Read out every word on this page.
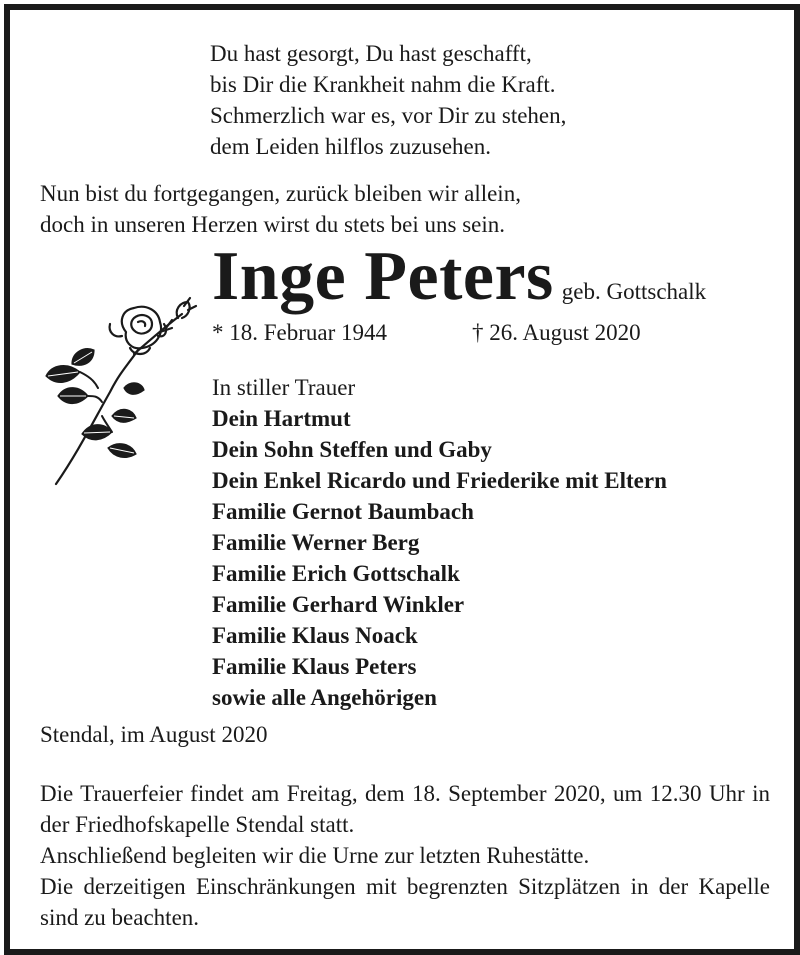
Du hast gesorgt, Du hast geschafft,
bis Dir die Krankheit nahm die Kraft.
Schmerzlich war es, vor Dir zu stehen,
dem Leiden hilflos zuzusehen.
Nun bist du fortgegangen, zurück bleiben wir allein,
doch in unseren Herzen wirst du stets bei uns sein.
Inge Peters geb. Gottschalk
* 18. Februar 1944	† 26. August 2020
In stiller Trauer
Dein Hartmut
Dein Sohn Steffen und Gaby
Dein Enkel Ricardo und Friederike mit Eltern
Familie Gernot Baumbach
Familie Werner Berg
Familie Erich Gottschalk
Familie Gerhard Winkler
Familie Klaus Noack
Familie Klaus Peters
sowie alle Angehörigen
Stendal, im August 2020

Die Trauerfeier findet am Freitag, dem 18. September 2020, um 12.30 Uhr in der Friedhofskapelle Stendal statt.

Anschließend begleiten wir die Urne zur letzten Ruhestätte.

Die derzeitigen Einschränkungen mit begrenzten Sitzplätzen in der Kapelle sind zu beachten.
